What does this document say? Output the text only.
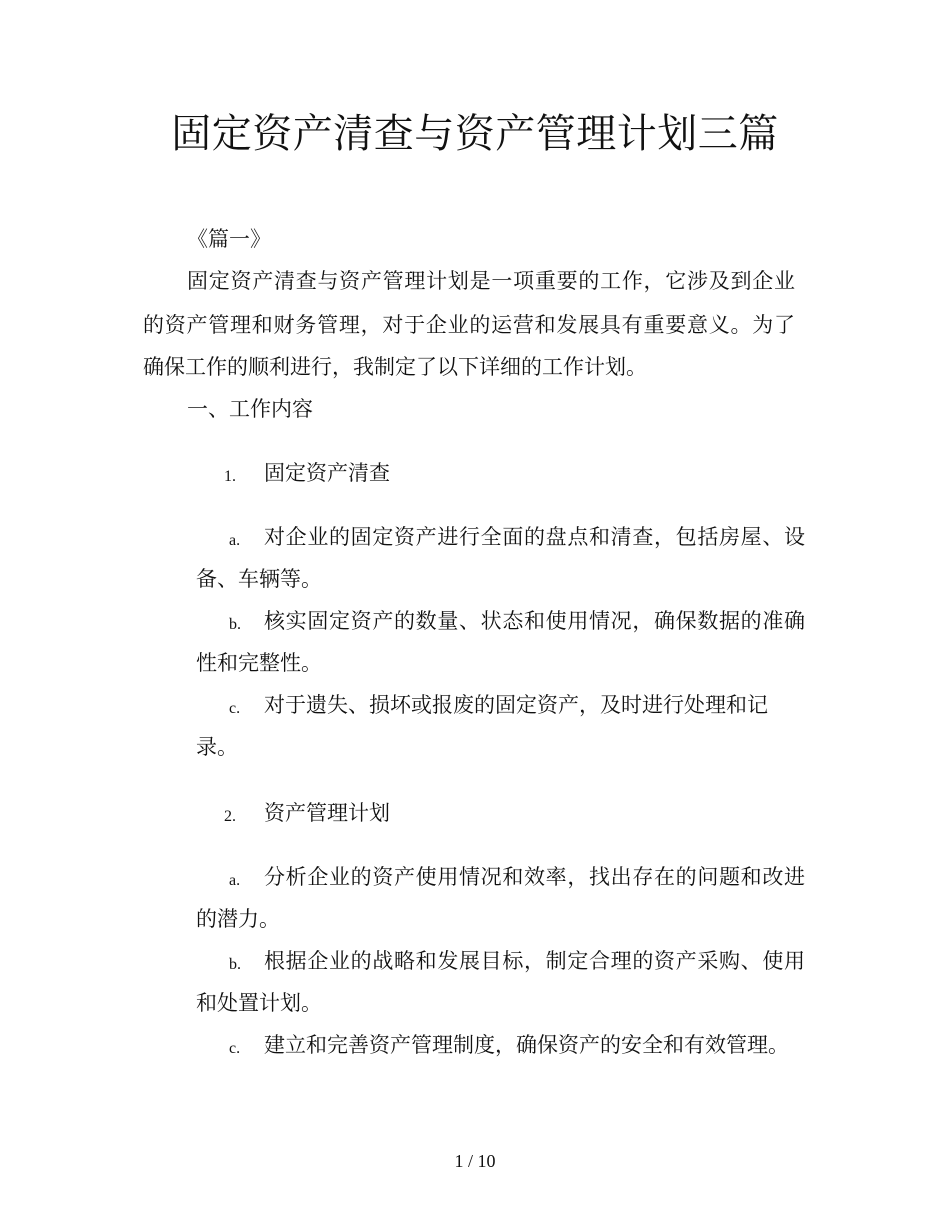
固定资产清查与资产管理计划三篇
《篇一》
固定资产清查与资产管理计划是一项重要的工作，它涉及到企业
的资产管理和财务管理，对于企业的运营和发展具有重要意义。为了
确保工作的顺利进行，我制定了以下详细的工作计划。
一、工作内容
1. 固定资产清查
a. 对企业的固定资产进行全面的盘点和清查，包括房屋、设
备、车辆等。
b. 核实固定资产的数量、状态和使用情况，确保数据的准确
性和完整性。
c. 对于遗失、损坏或报废的固定资产，及时进行处理和记
录。
2. 资产管理计划
a. 分析企业的资产使用情况和效率，找出存在的问题和改进
的潜力。
b. 根据企业的战略和发展目标，制定合理的资产采购、使用
和处置计划。
c. 建立和完善资产管理制度，确保资产的安全和有效管理。
1 / 10
